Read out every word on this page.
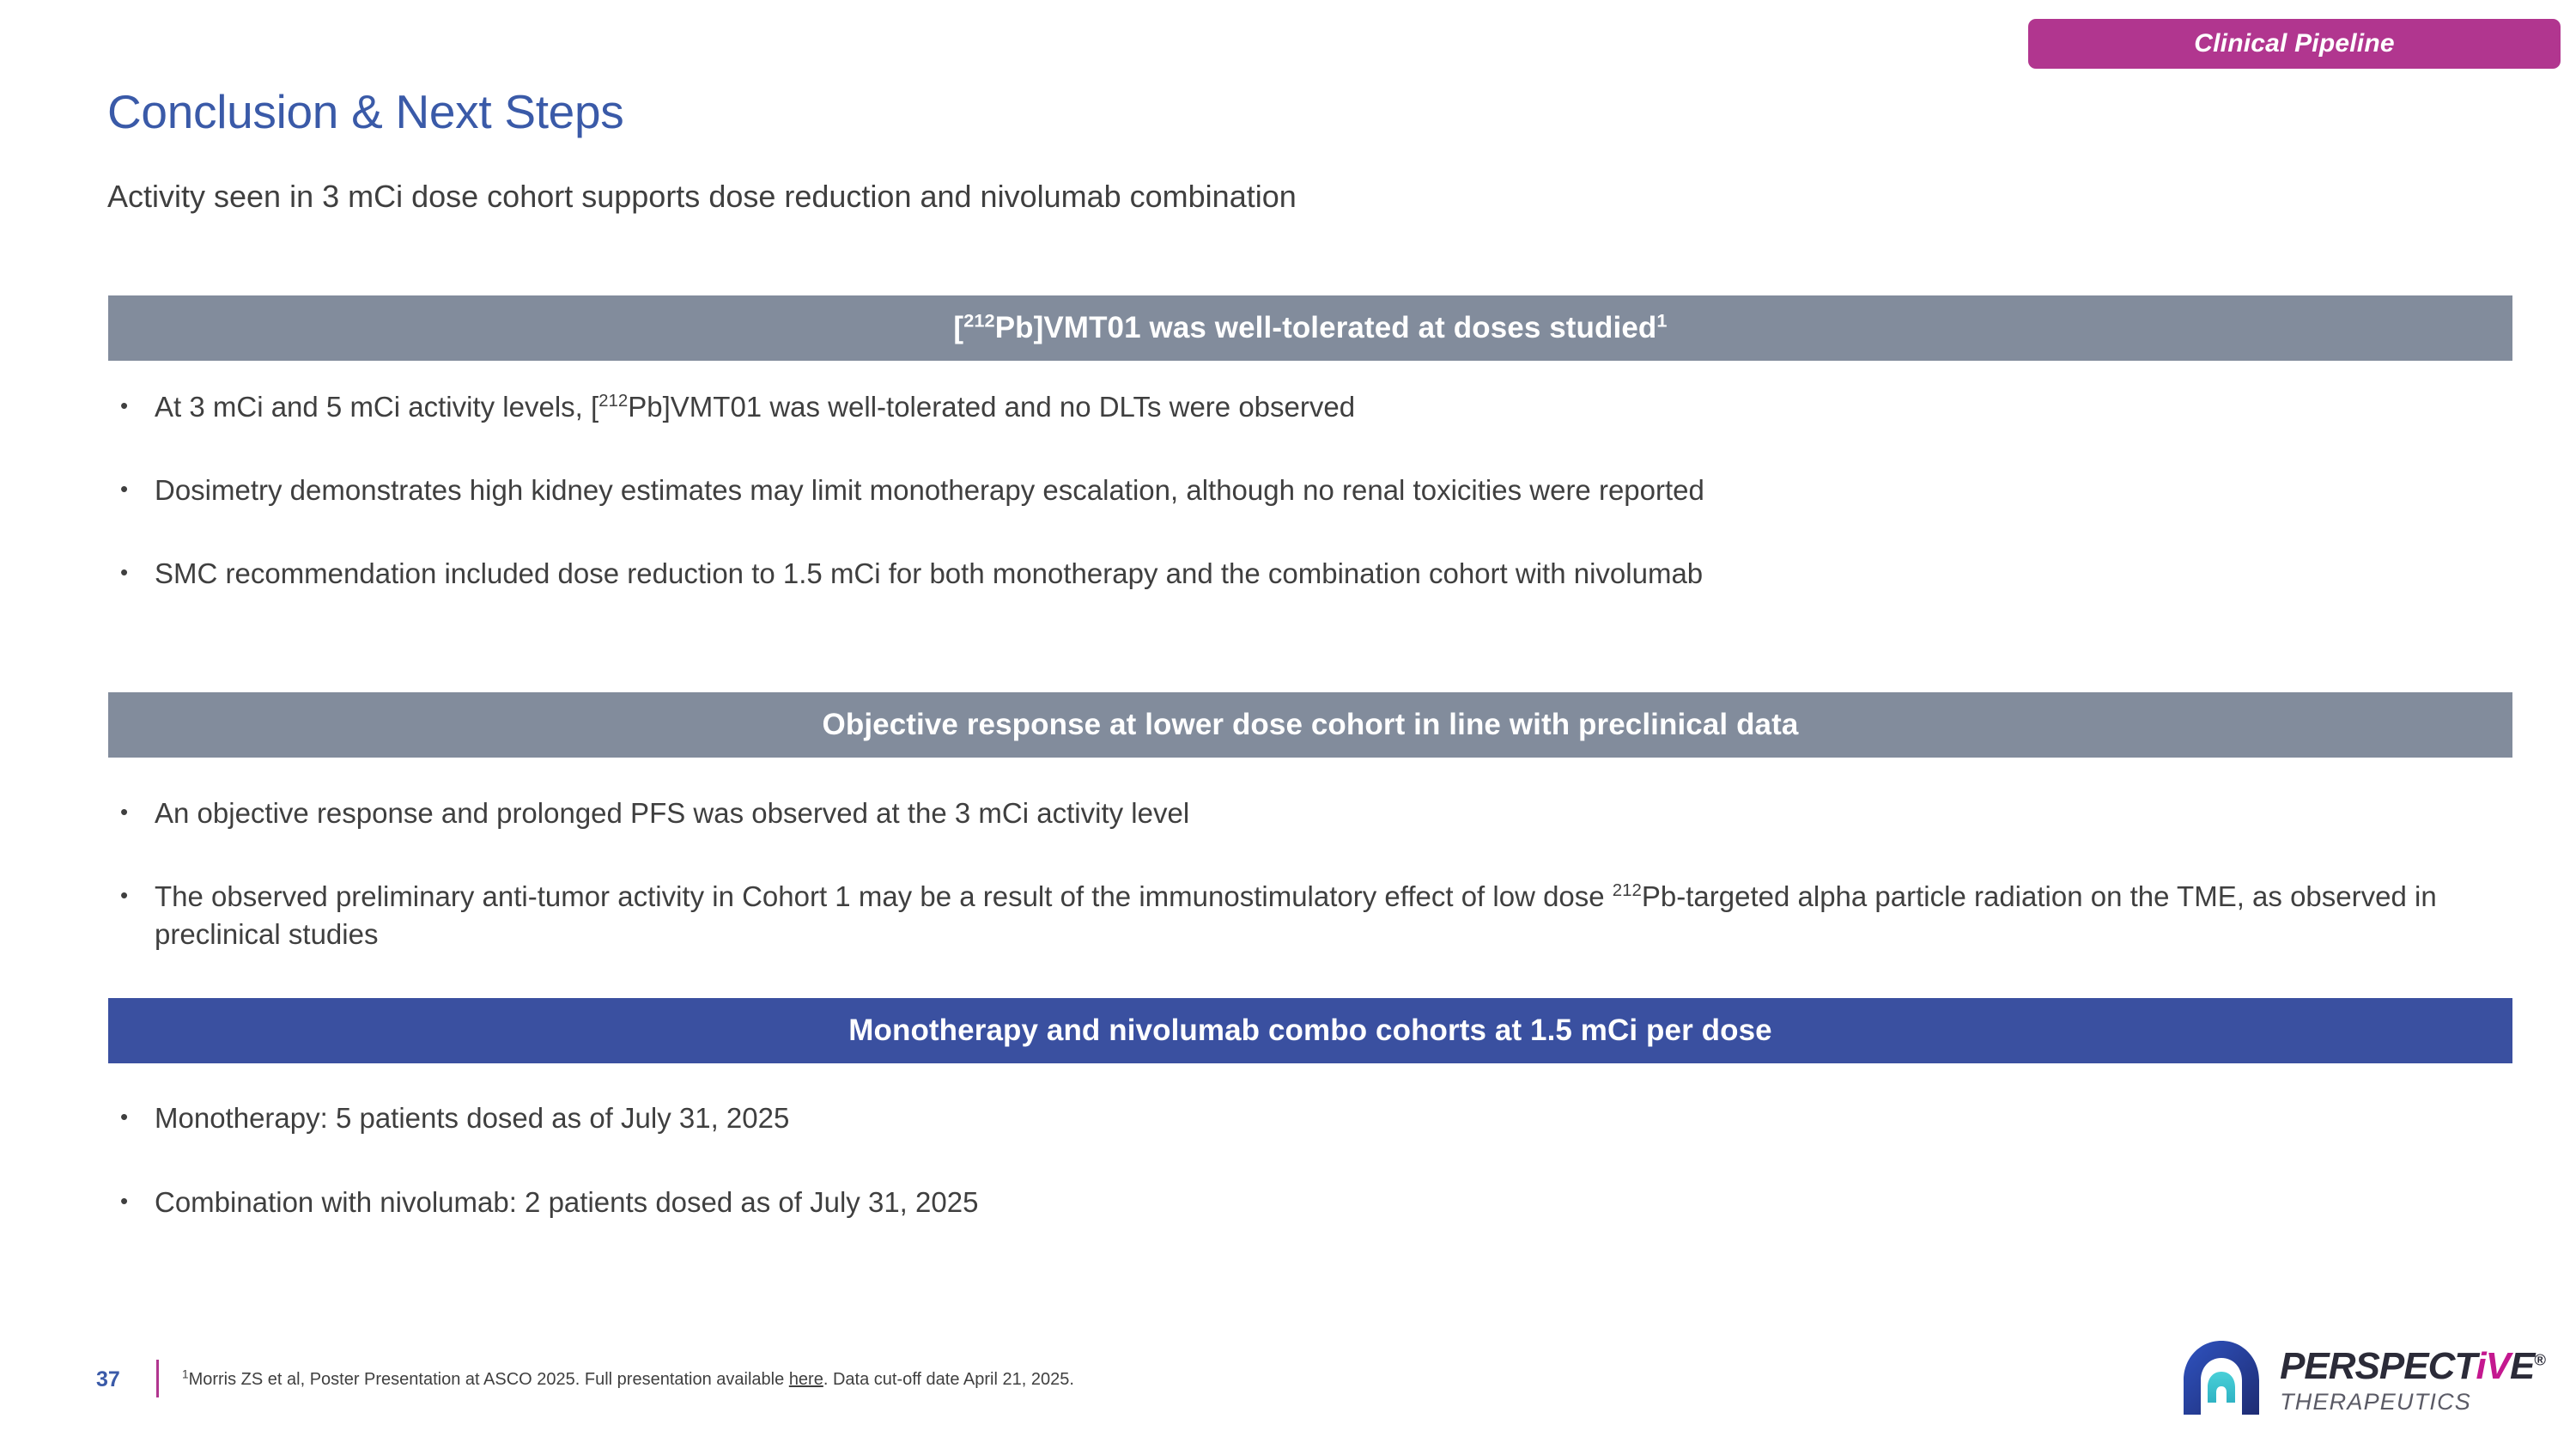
Clinical Pipeline
Conclusion & Next Steps
Activity seen in 3 mCi dose cohort supports dose reduction and nivolumab combination
[$^{212}$Pb]VMT01 was well-tolerated at doses studied$^1$
• At 3 mCi and 5 mCi activity levels, [$^{212}$Pb]VMT01 was well-tolerated and no DLTs were observed
• Dosimetry demonstrates high kidney estimates may limit monotherapy escalation, although no renal toxicities were reported
• SMC recommendation included dose reduction to 1.5 mCi for both monotherapy and the combination cohort with nivolumab
Objective response at lower dose cohort in line with preclinical data
• An objective response and prolonged PFS was observed at the 3 mCi activity level
• The observed preliminary anti-tumor activity in Cohort 1 may be a result of the immunostimulatory effect of low dose $^{212}$Pb-targeted alpha particle radiation on the TME, as observed in preclinical studies
Monotherapy and nivolumab combo cohorts at 1.5 mCi per dose
• Monotherapy: 5 patients dosed as of July 31, 2025
• Combination with nivolumab: 2 patients dosed as of July 31, 2025
37	$^1$Morris ZS et al, Poster Presentation at ASCO 2025. Full presentation available here. Data cut-off date April 21, 2025.	PERSPECTiVE®
THERAPEUTICS
